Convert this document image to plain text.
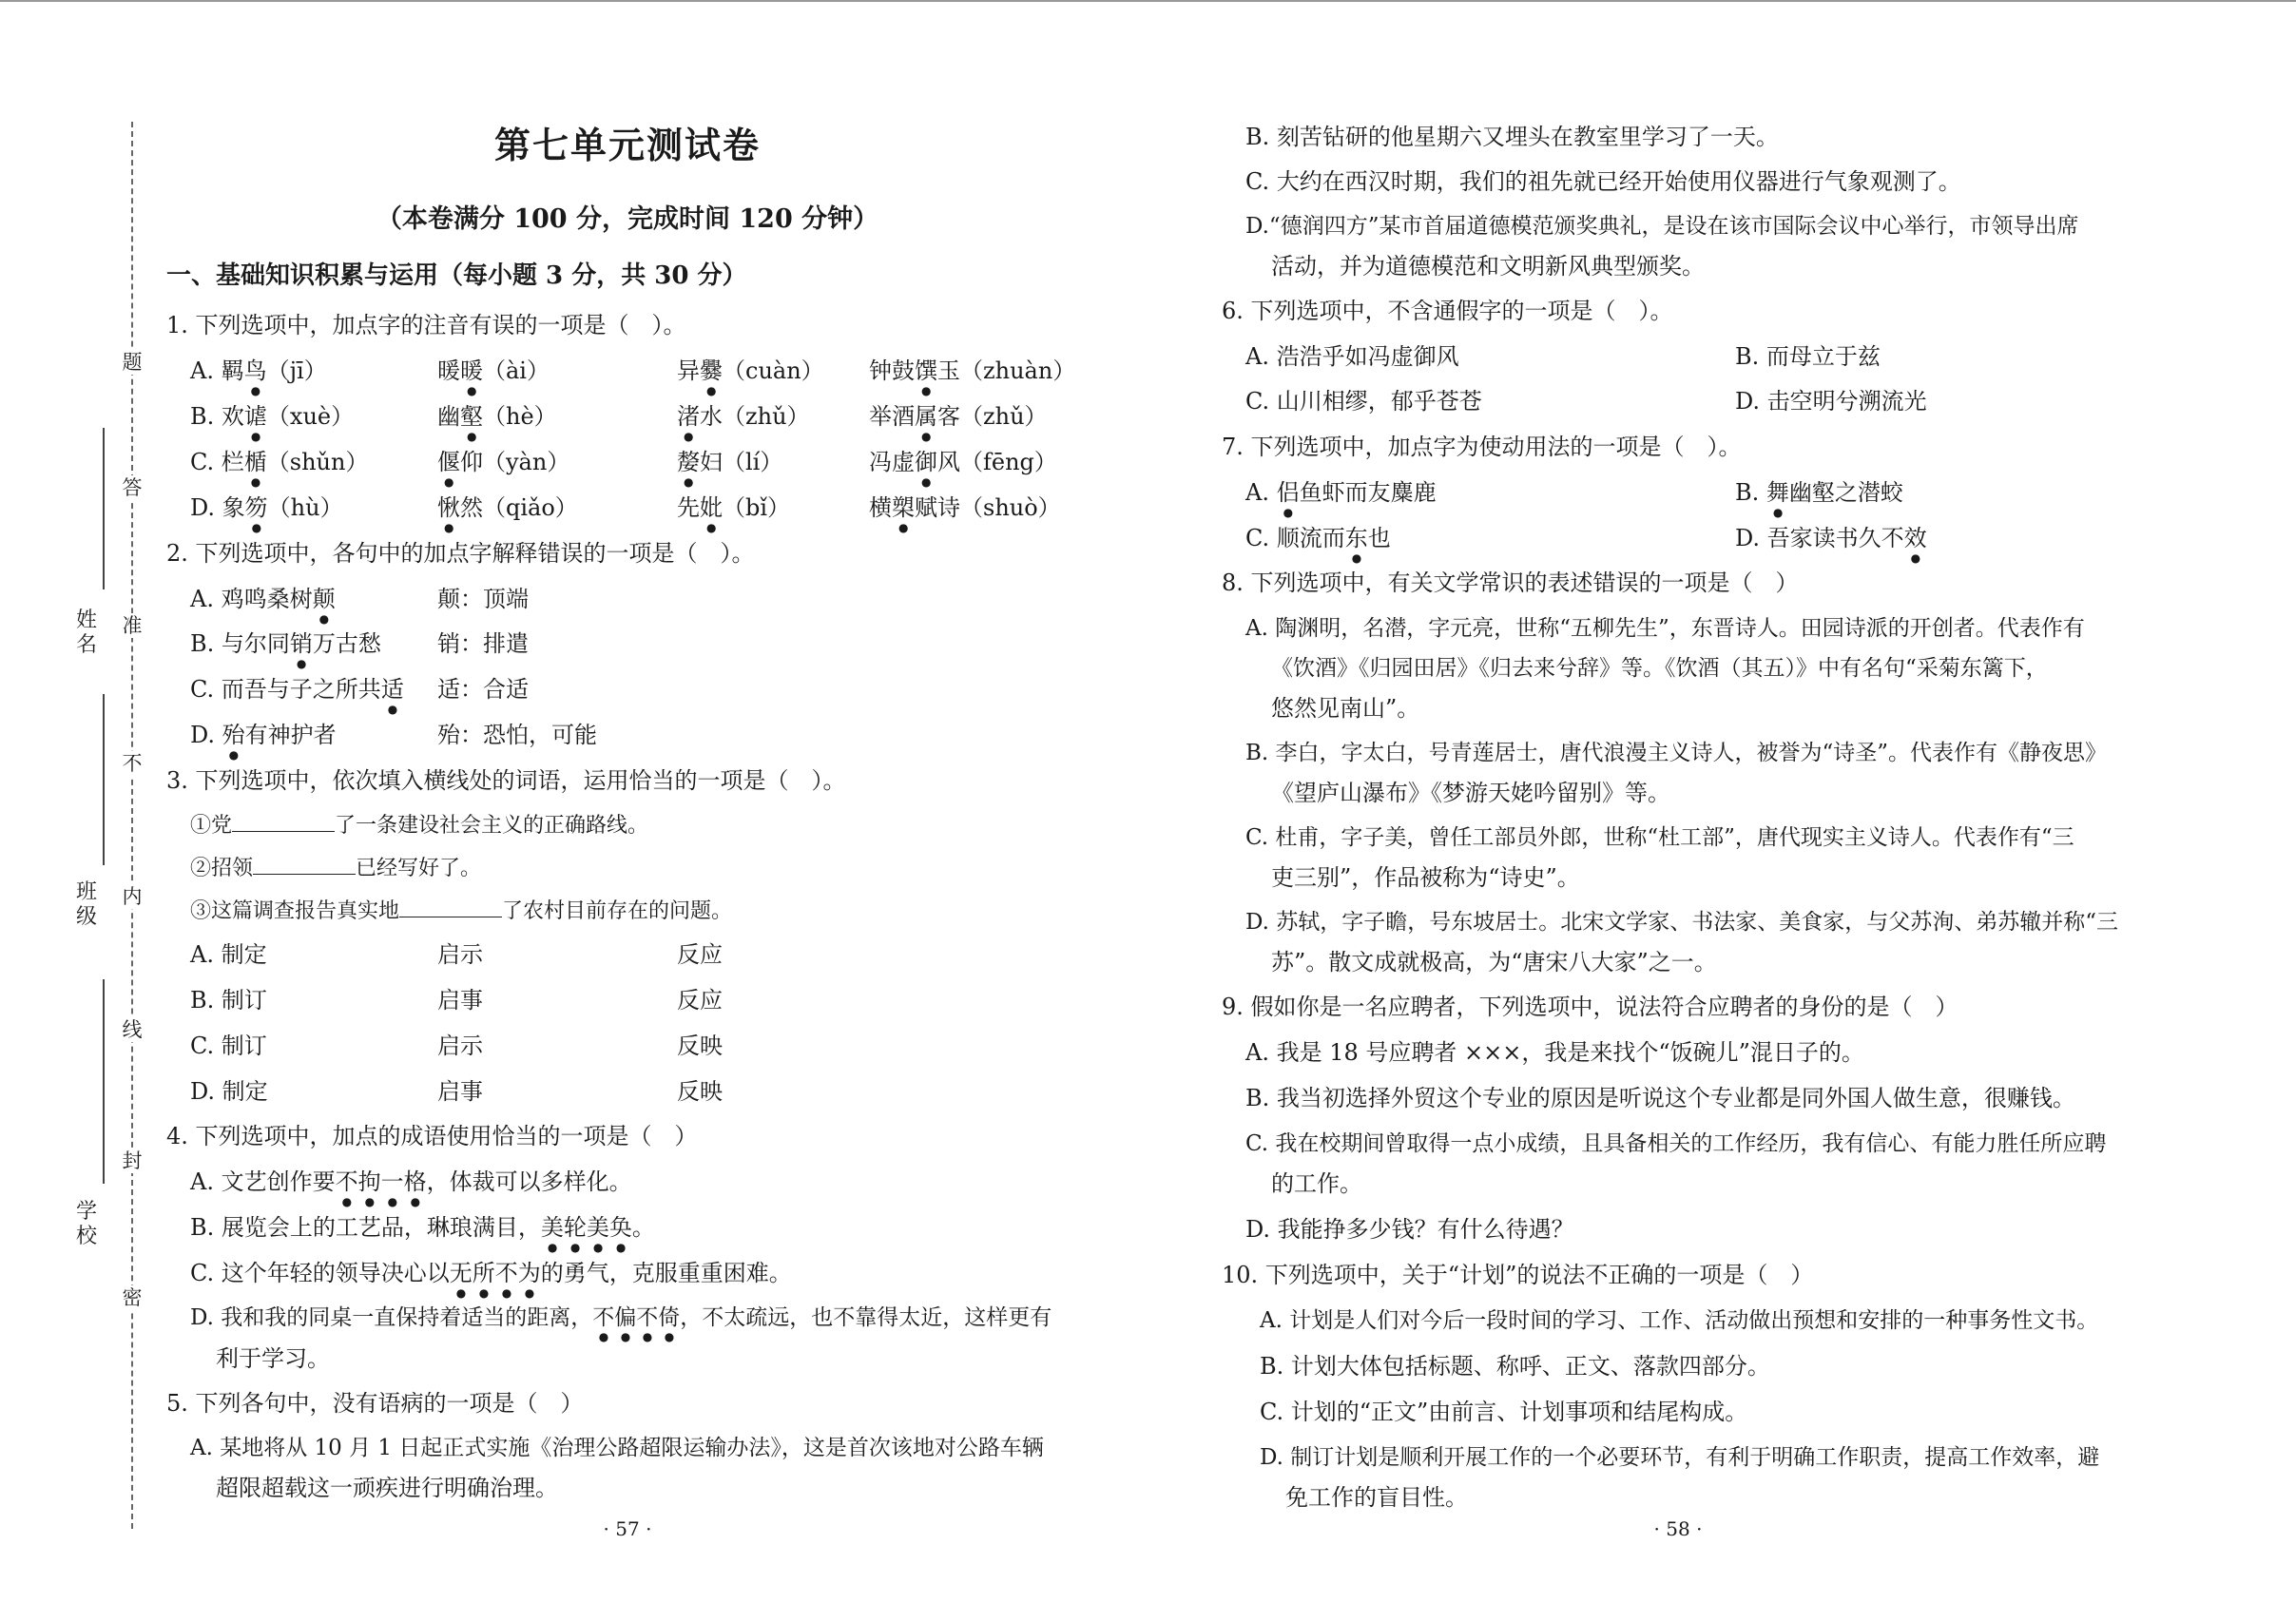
题
答
准
不
内
线
封
密
姓名
班级
学校
第七单元测试卷
（本卷满分 100 分，完成时间 120 分钟）
一、基础知识积累与运用（每小题 3 分，共 30 分）
1. 下列选项中，加点字的注音有误的一项是（　）。
A. 羁鸟（jī）	暖暖（ài）	异爨（cuàn） 钟鼓馔玉（zhuàn）
B. 欢谑（xuè）	幽壑（hè）	渚水（zhǔ）	举酒属客（zhǔ）
C. 栏楯（shǔn）	偃仰（yàn）	嫠妇（lí）	冯虚御风（fēng）
D. 象笏（hù）	愀然（qiǎo）	先妣（bǐ）	横槊赋诗（shuò）
2. 下列选项中，各句中的加点字解释错误的一项是（　）。
A. 鸡鸣桑树颠	颠：顶端
B. 与尔同销万古愁 销：排遣
C. 而吾与子之所共适 适：合适
D. 殆有神护者	殆：恐怕，可能
3. 下列选项中，依次填入横线处的词语，运用恰当的一项是（　）。
①党	了一条建设社会主义的正确路线。
②招领	已经写好了。
③这篇调查报告真实地	了农村目前存在的问题。
A. 制定	启示	反应
B. 制订	启事	反应
C. 制订	启示	反映
D. 制定	启事	反映
4. 下列选项中，加点的成语使用恰当的一项是（　）
A. 文艺创作要不拘一格，体裁可以多样化。
B. 展览会上的工艺品，琳琅满目，美轮美奂。
C. 这个年轻的领导决心以无所不为的勇气，克服重重困难。
D. 我和我的同桌一直保持着适当的距离，不偏不倚，不太疏远，也不靠得太近，这样更有
利于学习。
5. 下列各句中，没有语病的一项是（　）
A. 某地将从 10 月 1 日起正式实施《治理公路超限运输办法》，这是首次该地对公路车辆
超限超载这一顽疾进行明确治理。
· 57 ·
B. 刻苦钻研的他星期六又埋头在教室里学习了一天。
C. 大约在西汉时期，我们的祖先就已经开始使用仪器进行气象观测了。
D.“德润四方”某市首届道德模范颁奖典礼，是设在该市国际会议中心举行，市领导出席
活动，并为道德模范和文明新风典型颁奖。
6. 下列选项中，不含通假字的一项是（　）。
A. 浩浩乎如冯虚御风	B. 而母立于兹
C. 山川相缪，郁乎苍苍	D. 击空明兮溯流光
7. 下列选项中，加点字为使动用法的一项是（　）。
A. 侣鱼虾而友麋鹿	B. 舞幽壑之潜蛟
C. 顺流而东也	D. 吾家读书久不效
8. 下列选项中，有关文学常识的表述错误的一项是（　）
A. 陶渊明，名潜，字元亮，世称“五柳先生”，东晋诗人。田园诗派的开创者。代表作有
《饮酒》《归园田居》《归去来兮辞》等。《饮酒（其五）》中有名句“采菊东篱下，
悠然见南山”。
B. 李白，字太白，号青莲居士，唐代浪漫主义诗人，被誉为“诗圣”。代表作有《静夜思》
《望庐山瀑布》《梦游天姥吟留别》等。
C. 杜甫，字子美，曾任工部员外郎，世称“杜工部”，唐代现实主义诗人。代表作有“三
吏三别”，作品被称为“诗史”。
D. 苏轼，字子瞻，号东坡居士。北宋文学家、书法家、美食家，与父苏洵、弟苏辙并称“三
苏”。散文成就极高，为“唐宋八大家”之一。
9. 假如你是一名应聘者，下列选项中，说法符合应聘者的身份的是（　）
A. 我是 18 号应聘者 ×××，我是来找个“饭碗儿”混日子的。
B. 我当初选择外贸这个专业的原因是听说这个专业都是同外国人做生意，很赚钱。
C. 我在校期间曾取得一点小成绩，且具备相关的工作经历，我有信心、有能力胜任所应聘
的工作。
D. 我能挣多少钱？有什么待遇？
10. 下列选项中，关于“计划”的说法不正确的一项是（　）
A. 计划是人们对今后一段时间的学习、工作、活动做出预想和安排的一种事务性文书。
B. 计划大体包括标题、称呼、正文、落款四部分。
C. 计划的“正文”由前言、计划事项和结尾构成。
D. 制订计划是顺利开展工作的一个必要环节，有利于明确工作职责，提高工作效率，避
免工作的盲目性。
· 58 ·
